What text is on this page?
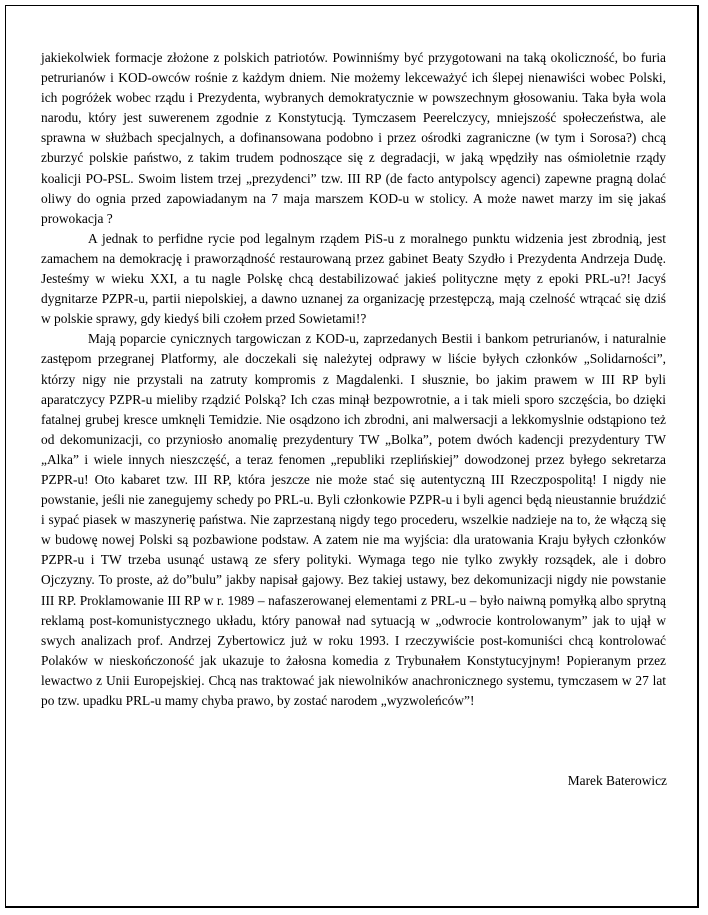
jakiekolwiek formacje złożone z polskich patriotów. Powinniśmy być przygotowani na taką okoliczność, bo furia petrurianów i KOD-owców rośnie z każdym dniem. Nie możemy lekceważyć ich ślepej nienawiści wobec Polski, ich pogróżek wobec rządu i Prezydenta, wybranych demokratycznie w powszechnym głosowaniu. Taka była wola narodu, który jest suwerenem zgodnie z Konstytucją. Tymczasem Peerelczycy, mniejszość społeczeństwa, ale sprawna w służbach specjalnych, a dofinansowana podobno i przez ośrodki zagraniczne (w tym i Sorosa?) chcą zburzyć polskie państwo, z takim trudem podnoszące się z degradacji, w jaką wpędziły nas ośmioletnie rządy koalicji PO-PSL. Swoim listem trzej „prezydenci” tzw. III RP (de facto antypolscy agenci) zapewne pragną dolać oliwy do ognia przed zapowiadanym na 7 maja marszem KOD-u w stolicy. A może nawet marzy im się jakaś prowokacja ?

A jednak to perfidne rycie pod legalnym rządem PiS-u z moralnego punktu widzenia jest zbrodnią, jest zamachem na demokrację i praworządność restaurowaną przez gabinet Beaty Szydło i Prezydenta Andrzeja Dudę. Jesteśmy w wieku XXI, a tu nagle Polskę chcą destabilizować jakieś polityczne męty z epoki PRL-u?! Jacyś dygnitarze PZPR-u, partii niepolskiej, a dawno uznanej za organizację przestępczą, mają czelność wtrącać się dziś w polskie sprawy, gdy kiedyś bili czołem przed Sowietami!?

Mają poparcie cynicznych targowiczan z KOD-u, zaprzedanych Bestii i bankom petrurianów, i naturalnie zastępom przegranej Platformy, ale doczekali się należytej odprawy w liście byłych członków „Solidarności”, którzy nigy nie przystali na zatruty kompromis z Magdalenki. I słusznie, bo jakim prawem w III RP byli aparatczycy PZPR-u mieliby rządzić Polską? Ich czas minął bezpowrotnie, a i tak mieli sporo szczęścia, bo dzięki fatalnej grubej kresce umknęli Temidzie. Nie osądzono ich zbrodni, ani malwersacji a lekkomyslnie odstąpiono też od dekomunizacji, co przyniosło anomalię prezydentury TW „Bolka”, potem dwóch kadencji prezydentury TW „Alka” i wiele innych nieszczęść, a teraz fenomen „republiki rzeplińskiej” dowodzonej przez byłego sekretarza PZPR-u! Oto kabaret tzw. III RP, która jeszcze nie może stać się autentyczną III Rzeczpospolitą! I nigdy nie powstanie, jeśli nie zanegujemy schedy po PRL-u. Byli członkowie PZPR-u i byli agenci będą nieustannie bruździć i sypać piasek w maszynerię państwa. Nie zaprzestaną nigdy tego procederu, wszelkie nadzieje na to, że włączą się w budowę nowej Polski są pozbawione podstaw. A zatem nie ma wyjścia: dla uratowania Kraju byłych członków PZPR-u i TW trzeba usunąć ustawą ze sfery polityki. Wymaga tego nie tylko zwykły rozsądek, ale i dobro Ojczyzny. To proste, aż do”bulu” jakby napisał gajowy. Bez takiej ustawy, bez dekomunizacji nigdy nie powstanie III RP. Proklamowanie III RP w r. 1989 – nafaszerowanej elementami z PRL-u – było naiwną pomyłką albo sprytną reklamą post-komunistycznego układu, który panował nad sytuacją w „odwrocie kontrolowanym” jak to ujął w swych analizach prof. Andrzej Zybertowicz już w roku 1993. I rzeczywiście post-komuniści chcą kontrolować Polaków w nieskończoność jak ukazuje to żałosna komedia z Trybunałem Konstytucyjnym! Popieranym przez lewactwo z Unii Europejskiej. Chcą nas traktować jak niewolników anachronicznego systemu, tymczasem w 27 lat po tzw. upadku PRL-u mamy chyba prawo, by zostać narodem „wyzwoleńców”!

Marek Baterowicz
